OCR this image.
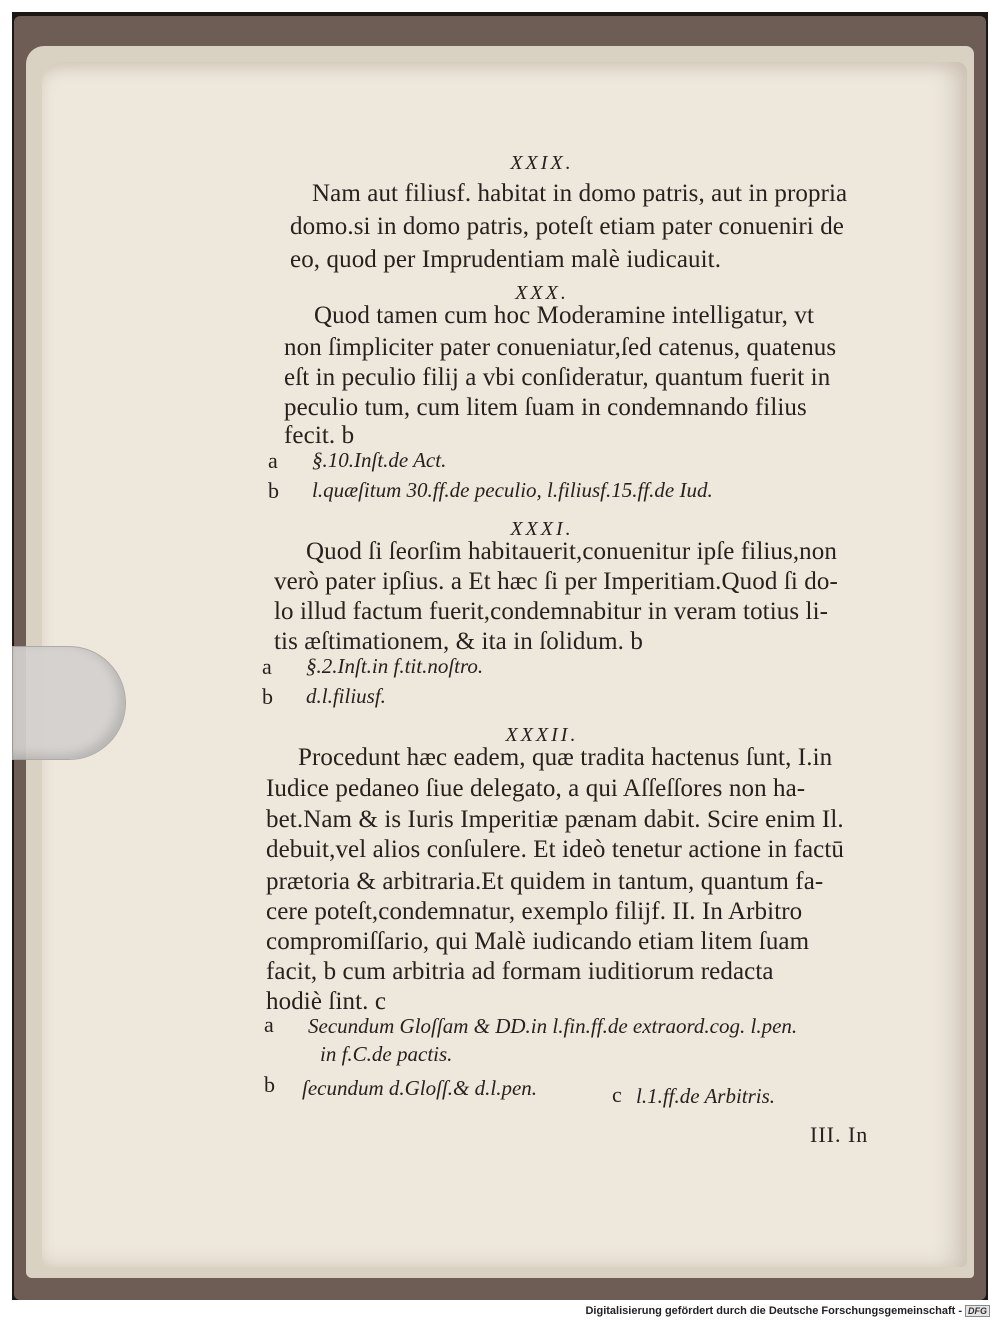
XXIX.
Nam aut filiusf. habitat in domo patris, aut in propria
domo.si in domo patris, poteſt etiam pater conueniri de
eo, quod per Imprudentiam malè iudicauit.
XXX.
Quod tamen cum hoc Moderamine intelligatur, vt
non ſimpliciter pater conueniatur,ſed catenus, quatenus
eſt in peculio filij a vbi conſideratur, quantum fuerit in
peculio tum, cum litem ſuam in condemnando filius
fecit. b
a §.10.Inſt.de Act.
b l.quæſitum 30.ff.de peculio, l.filiusf.15.ff.de Iud.
XXXI.
Quod ſi ſeorſim habitauerit,conuenitur ipſe filius,non
verò pater ipſius. a Et hæc ſi per Imperitiam.Quod ſi do-
lo illud factum fuerit,condemnabitur in veram totius li-
tis æſtimationem, & ita in ſolidum. b
a §.2.Inſt.in f.tit.noſtro.
b d.l.filiusf.
XXXII.
Procedunt hæc eadem, quæ tradita hactenus ſunt, I.in
Iudice pedaneo ſiue delegato, a qui Aſſeſſores non ha-
bet.Nam & is Iuris Imperitiæ pænam dabit. Scire enim Il.
debuit,vel alios conſulere. Et ideò tenetur actione in factū
prætoria & arbitraria.Et quidem in tantum, quantum fa-
cere poteſt,condemnatur, exemplo filijf. II. In Arbitro
compromiſſario, qui Malè iudicando etiam litem ſuam
facit, b cum arbitria ad formam iuditiorum redacta
hodiè ſint. c
a Secundum Gloſſam & DD.in l.fin.ff.de extraord.cog. l.pen.
in f.C.de pactis.
b ſecundum d.Gloſſ.& d.l.pen.	c l.1.ff.de Arbitris.
III. In
Digitalisierung gefördert durch die Deutsche Forschungsgemeinschaft - DFG
